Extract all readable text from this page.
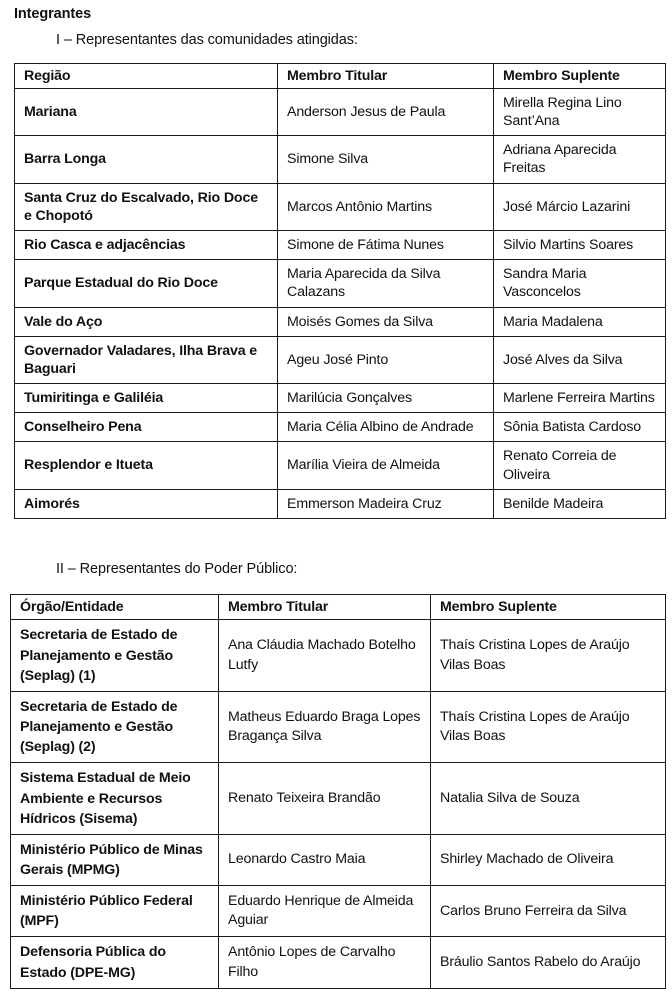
Integrantes
I – Representantes das comunidades atingidas:
Região	Membro Titular	Membro Suplente
Mariana	Anderson Jesus de Paula	Mirella Regina Lino Sant’Ana
Barra Longa	Simone Silva	Adriana Aparecida Freitas
Santa Cruz do Escalvado, Rio Doce e Chopotó	Marcos Antônio Martins	José Márcio Lazarini
Rio Casca e adjacências	Simone de Fátima Nunes	Silvio Martins Soares
Parque Estadual do Rio Doce	Maria Aparecida da Silva Calazans	Sandra Maria Vasconcelos
Vale do Aço	Moisés Gomes da Silva	Maria Madalena
Governador Valadares, Ilha Brava e Baguari	Ageu José Pinto	José Alves da Silva
Tumiritinga e Galiléia	Marilúcia Gonçalves	Marlene Ferreira Martins
Conselheiro Pena	Maria Célia Albino de Andrade	Sônia Batista Cardoso
Resplendor e Itueta	Marília Vieira de Almeida	Renato Correia de Oliveira
Aimorés	Emmerson Madeira Cruz	Benilde Madeira
II – Representantes do Poder Público:
Órgão/Entidade	Membro Titular	Membro Suplente
Secretaria de Estado de Planejamento e Gestão (Seplag) (1)	Ana Cláudia Machado Botelho Lutfy	Thaís Cristina Lopes de Araújo Vilas Boas
Secretaria de Estado de Planejamento e Gestão (Seplag) (2)	Matheus Eduardo Braga Lopes Bragança Silva	Thaís Cristina Lopes de Araújo Vilas Boas
Sistema Estadual de Meio Ambiente e Recursos Hídricos (Sisema)	Renato Teixeira Brandão	Natalia Silva de Souza
Ministério Público de Minas Gerais (MPMG)	Leonardo Castro Maia	Shirley Machado de Oliveira
Ministério Público Federal (MPF)	Eduardo Henrique de Almeida Aguiar	Carlos Bruno Ferreira da Silva
Defensoria Pública do Estado (DPE-MG)	Antônio Lopes de Carvalho Filho	Bráulio Santos Rabelo do Araújo
